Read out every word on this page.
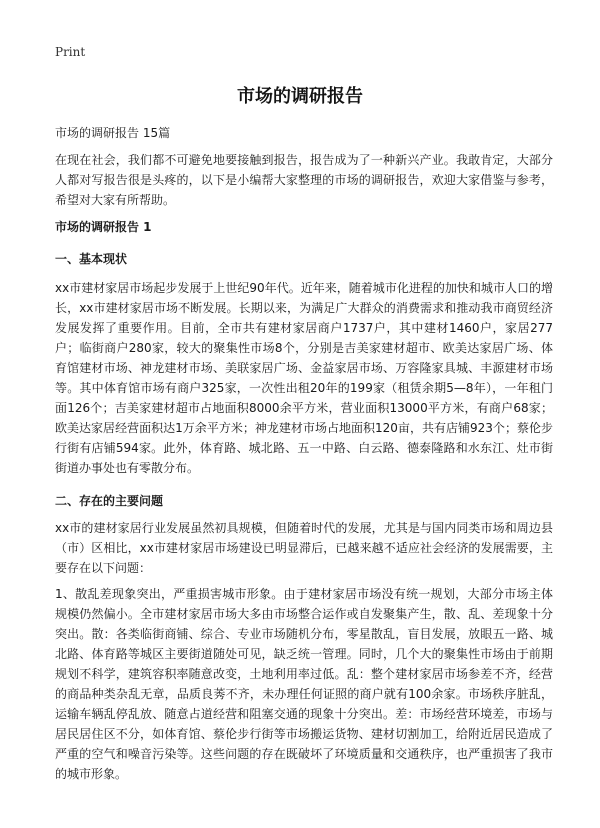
Print
市场的调研报告
市场的调研报告 15篇

在现在社会，我们都不可避免地要接触到报告，报告成为了一种新兴产业。我敢肯定，大部分人都对写报告很是头疼的，以下是小编帮大家整理的市场的调研报告，欢迎大家借鉴与参考，希望对大家有所帮助。

市场的调研报告 1
一、基本现状

xx市建材家居市场起步发展于上世纪90年代。近年来，随着城市化进程的加快和城市人口的增长，xx市建材家居市场不断发展。长期以来，为满足广大群众的消费需求和推动我市商贸经济发展发挥了重要作用。目前，全市共有建材家居商户1737户，其中建材1460户，家居277户；临街商户280家，较大的聚集性市场8个，分别是吉美家建材超市、欧美达家居广场、体育馆建材市场、神龙建材市场、美联家居广场、金益家居市场、万容隆家具城、丰源建材市场等。其中体育馆市场有商户325家，一次性出租20年的199家（租赁余期5—8年），一年租门面126个；吉美家建材超市占地面积8000余平方米，营业面积13000平方米，有商户68家；欧美达家居经营面积达1万余平方米；神龙建材市场占地面积120亩，共有店铺923个；蔡伦步行街有店铺594家。此外，体育路、城北路、五一中路、白云路、德泰隆路和水东江、灶市街街道办事处也有零散分布。

二、存在的主要问题

xx市的建材家居行业发展虽然初具规模，但随着时代的发展，尤其是与国内同类市场和周边县（市）区相比，xx市建材家居市场建设已明显滞后，已越来越不适应社会经济的发展需要，主要存在以下问题：

1、散乱差现象突出，严重损害城市形象。由于建材家居市场没有统一规划，大部分市场主体规模仍然偏小。全市建材家居市场大多由市场整合运作或自发聚集产生，散、乱、差现象十分突出。散：各类临街商铺、综合、专业市场随机分布，零星散乱，盲目发展，放眼五一路、城北路、体育路等城区主要街道随处可见，缺乏统一管理。同时，几个大的聚集性市场由于前期规划不科学，建筑容积率随意改变，土地利用率过低。乱：整个建材家居市场参差不齐，经营的商品种类杂乱无章，品质良莠不齐，未办理任何证照的商户就有100余家。市场秩序脏乱，运输车辆乱停乱放、随意占道经营和阻塞交通的现象十分突出。差：市场经营环境差，市场与居民居住区不分，如体育馆、蔡伦步行街等市场搬运货物、建材切割加工，给附近居民造成了严重的空气和噪音污染等。这些问题的存在既破坏了环境质量和交通秩序，也严重损害了我市的城市形象。
